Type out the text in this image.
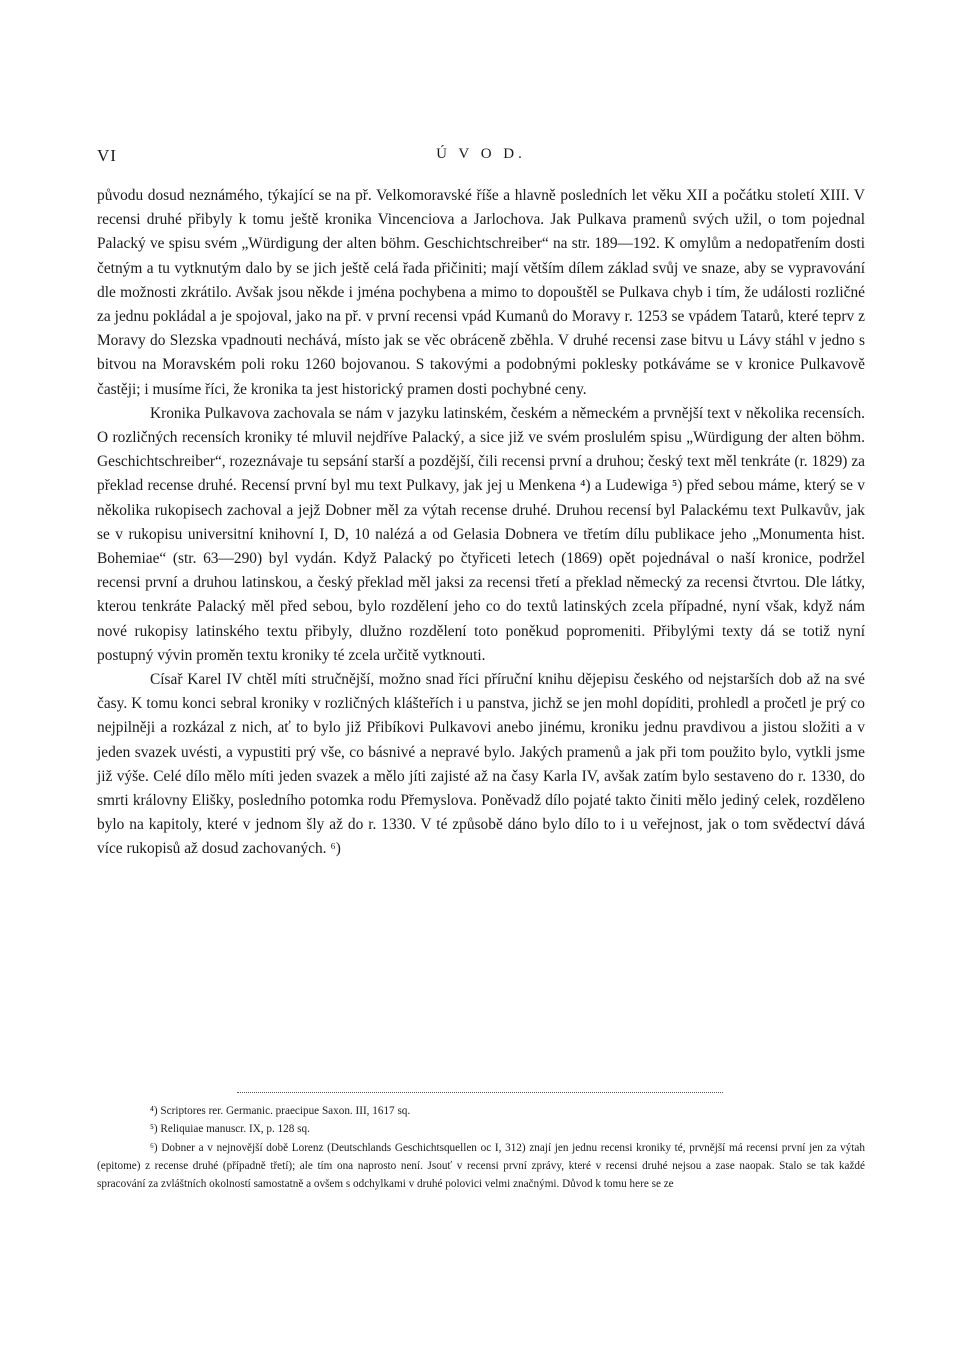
VI	Ú V O D.

původu dosud neznámého, týkající se na př. Velkomoravské říše a hlavně posledních let věku XII a počátku století XIII. V recensi druhé přibyly k tomu ještě kronika Vincenciova a Jarlochova. Jak Pulkava pramenů svých užil, o tom pojednal Palacký ve spisu svém „Würdigung der alten böhm. Geschichtschreiber“ na str. 189—192. K omylům a nedopatřením dosti četným a tu vytknutým dalo by se jich ještě celá řada přičiniti; mají větším dílem základ svůj ve snaze, aby se vypravování dle možnosti zkrátilo. Avšak jsou někde i jména pochybena a mimo to dopouštěl se Pulkava chyb i tím, že události rozličné za jednu pokládal a je spojoval, jako na př. v první recensi vpád Kumanů do Moravy r. 1253 se vpádem Tatarů, které teprv z Moravy do Slezska vpadnouti nechává, místo jak se věc obráceně zběhla. V druhé recensi zase bitvu u Lávy stáhl v jedno s bitvou na Moravském poli roku 1260 bojovanou. S takovými a podobnými poklesky potkáváme se v kronice Pulkavově častěji; i musíme říci, že kronika ta jest historický pramen dosti pochybné ceny.

Kronika Pulkavova zachovala se nám v jazyku latinském, českém a německém a prvnější text v několika recensích. O rozličných recensích kroniky té mluvil nejdříve Palacký, a sice již ve svém proslulém spisu „Würdigung der alten böhm. Geschichtschreiber“, rozeznávaje tu sepsání starší a pozdější, čili recensi první a druhou; český text měl tenkráte (r. 1829) za překlad recense druhé. Recensí první byl mu text Pulkavy, jak jej u Menkena ⁴) a Ludewiga ⁵) před sebou máme, který se v několika rukopisech zachoval a jejž Dobner měl za výtah recense druhé. Druhou recensí byl Palackému text Pulkavův, jak se v rukopisu universitní knihovní I, D, 10 nalézá a od Gelasia Dobnera ve třetím dílu publikace jeho „Monumenta hist. Bohemiae“ (str. 63—290) byl vydán. Když Palacký po čtyřiceti letech (1869) opět pojednával o naší kronice, podržel recensi první a druhou latinskou, a český překlad měl jaksi za recensi třetí a překlad německý za recensi čtvrtou. Dle látky, kterou tenkráte Palacký měl před sebou, bylo rozdělení jeho co do textů latinských zcela případné, nyní však, když nám nové rukopisy latinského textu přibyly, dlužno rozdělení toto poněkud popromeniti. Přibylými texty dá se totiž nyní postupný vývin proměn textu kroniky té zcela určitě vytknouti.

Císař Karel IV chtěl míti stručnější, možno snad říci příruční knihu dějepisu českého od nejstarších dob až na své časy. K tomu konci sebral kroniky v rozličných klášteřích i u panstva, jichž se jen mohl dopíditi, prohledl a pročetl je prý co nejpilněji a rozkázal z nich, ať to bylo již Přibíkovi Pulkavovi anebo jinému, kroniku jednu pravdivou a jistou složiti a v jeden svazek uvésti, a vypustiti prý vše, co básnivé a nepravé bylo. Jakých pramenů a jak při tom použito bylo, vytkli jsme již výše. Celé dílo mělo míti jeden svazek a mělo jíti zajisté až na časy Karla IV, avšak zatím bylo sestaveno do r. 1330, do smrti královny Elišky, posledního potomka rodu Přemyslova. Poněvadž dílo pojaté takto činiti mělo jediný celek, rozděleno bylo na kapitoly, které v jednom šly až do r. 1330. V té způsobě dáno bylo dílo to i u veřejnost, jak o tom svědectví dává více rukopisů až dosud zachovaných. ⁶)

⁴) Scriptores rer. Germanic. praecipue Saxon. III, 1617 sq.

⁵) Reliquiae manuscr. IX, p. 128 sq.

⁶) Dobner a v nejnovější době Lorenz (Deutschlands Geschichtsquellen oc I, 312) znají jen jednu recensi kroniky té, prvnější má recensi první jen za výtah (epitome) z recense druhé (případně třetí); ale tím ona naprosto není. Jsouť v recensi první zprávy, které v recensi druhé nejsou a zase naopak. Stalo se tak každé spracování za zvláštních okolností samostatně a ovšem s odchylkami v druhé polovici velmi značnými. Důvod k tomu here se ze
